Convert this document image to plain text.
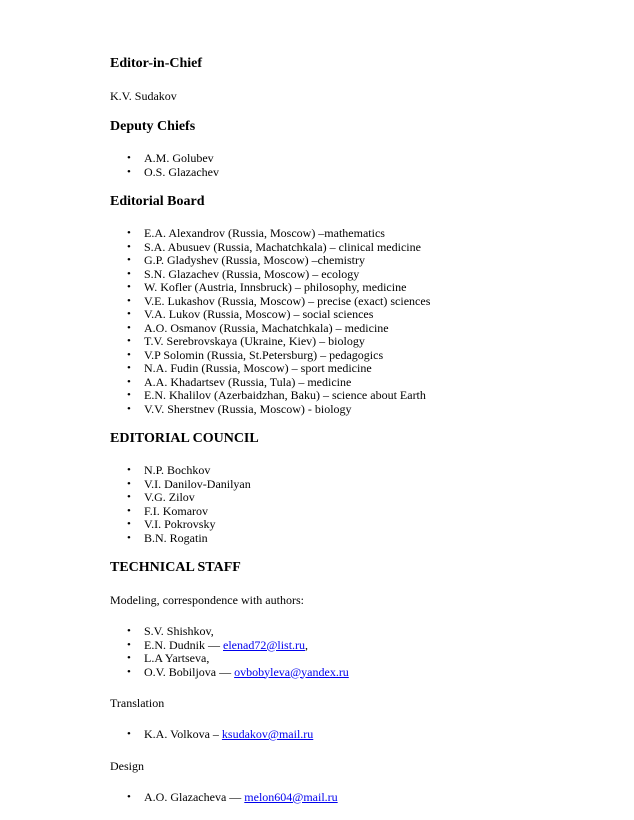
Editor-in-Chief

K.V. Sudakov

Deputy Chiefs
• A.M. Golubev
• O.S. Glazachev
Editorial Board
• E.A. Alexandrov (Russia, Moscow) –mathematics
• S.A. Abusuev (Russia, Machatchkala) – clinical medicine
• G.P. Gladyshev (Russia, Moscow) –chemistry
• S.N. Glazachev (Russia, Moscow) – ecology
• W. Kofler (Austria, Innsbruck) – philosophy, medicine
• V.E. Lukashov (Russia, Moscow) – precise (exact) sciences
• V.A. Lukov (Russia, Moscow) – social sciences
• A.O. Osmanov (Russia, Machatchkala) – medicine
• T.V. Serebrovskaya (Ukraine, Kiev) – biology
• V.P Solomin (Russia, St.Petersburg) – pedagogics
• N.A. Fudin (Russia, Moscow) – sport medicine
• A.A. Khadartsev (Russia, Tula) – medicine
• E.N. Khalilov (Azerbaidzhan, Baku) – science about Earth
• V.V. Sherstnev (Russia, Moscow) - biology
EDITORIAL COUNCIL
• N.P. Bochkov
• V.I. Danilov-Danilyan
• V.G. Zilov
• F.I. Komarov
• V.I. Pokrovsky
• B.N. Rogatin
TECHNICAL STAFF

Modeling, correspondence with authors:

• S.V. Shishkov,
• E.N. Dudnik — elenad72@list.ru,
• L.A Yartseva,
• O.V. Bobiljova — ovbobyleva@yandex.ru

Translation

• K.A. Volkova – ksudakov@mail.ru

Design

• A.O. Glazacheva — melon604@mail.ru
